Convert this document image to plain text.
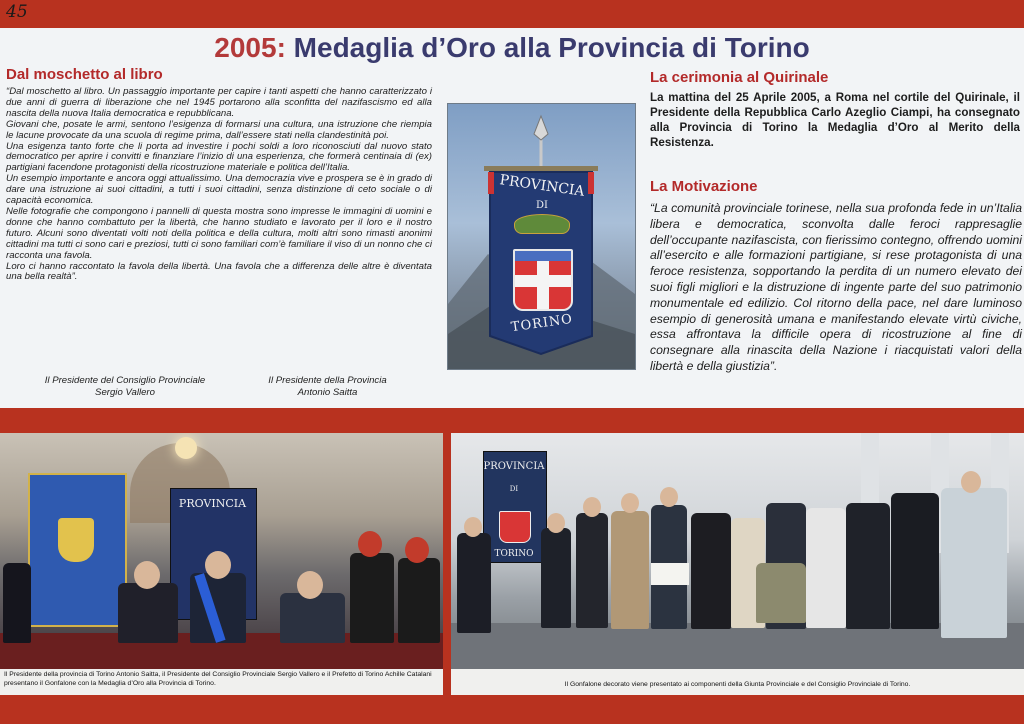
45
2005: Medaglia d’Oro alla Provincia di Torino
Dal moschetto al libro

“Dal moschetto al libro. Un passaggio importante per capire i tanti aspetti che hanno caratterizzato i due anni di guerra di liberazione che nel 1945 portarono alla sconfitta del nazifascismo ed alla nascita della nuova Italia democratica e repubblicana.

Giovani che, posate le armi, sentono l’esigenza di formarsi una cultura, una istruzione che riempia le lacune provocate da una scuola di regime prima, dall’essere stati nella clandestinità poi.

Una esigenza tanto forte che li porta ad investire i pochi soldi a loro riconosciuti dal nuovo stato democratico per aprire i convitti e finanziare l’inizio di una esperienza, che formerà centinaia di (ex) partigiani facendone protagonisti della ricostruzione materiale e politica dell’Italia.

Un esempio importante e ancora oggi attualissimo. Una democrazia vive e prospera se è in grado di dare una istruzione ai suoi cittadini, a tutti i suoi cittadini, senza distinzione di ceto sociale o di capacità economica.

Nelle fotografie che compongono i pannelli di questa mostra sono impresse le immagini di uomini e donne che hanno combattuto per la libertà, che hanno studiato e lavorato per il loro e il nostro futuro. Alcuni sono diventati volti noti della politica e della cultura, molti altri sono rimasti anonimi cittadini ma tutti ci sono cari e preziosi, tutti ci sono familiari com’è familiare il viso di un nonno che ci racconta una favola.

Loro ci hanno raccontato la favola della libertà. Una favola che a differenza delle altre è diventata una bella realtà”.

Il Presidente del Consiglio Provinciale
Sergio Vallero
Il Presidente della Provincia
Antonio Saitta
PROVINCIA
DI
TORINO
La cerimonia al Quirinale
La mattina del 25 Aprile 2005, a Roma nel cortile del Quirinale, il Presidente della Repubblica Carlo Azeglio Ciampi, ha consegnato alla Provincia di Torino la Medaglia d’Oro al Merito della Resistenza.
La Motivazione
“La comunità provinciale torinese, nella sua profonda fede in un’Italia libera e democratica, sconvolta dalle feroci rappresaglie dell’occupante nazifascista, con fierissimo contegno, offrendo uomini all’esercito e alle formazioni partigiane, si rese protagonista di una feroce resistenza, sopportando la perdita di un numero elevato dei suoi figli migliori e la distruzione di ingente parte del suo patrimonio monumentale ed edilizio. Col ritorno della pace, nel dare luminoso esempio di generosità umana e manifestando elevate virtù civiche, essa affrontava la difficile opera di ricostruzione al fine di consegnare alla rinascita della Nazione i riacquistati valori della libertà e della giustizia”.
PROVINCIA
Il Presidente della provincia di Torino Antonio Saitta, il Presidente del Consiglio Provinciale Sergio Vallero e il Prefetto di Torino Achille Catalani presentano il Gonfalone con la Medaglia d’Oro alla Provincia di Torino.
PROVINCIA
DI
TORINO
Il Gonfalone decorato viene presentato ai componenti della Giunta Provinciale e del Consiglio Provinciale di Torino.
